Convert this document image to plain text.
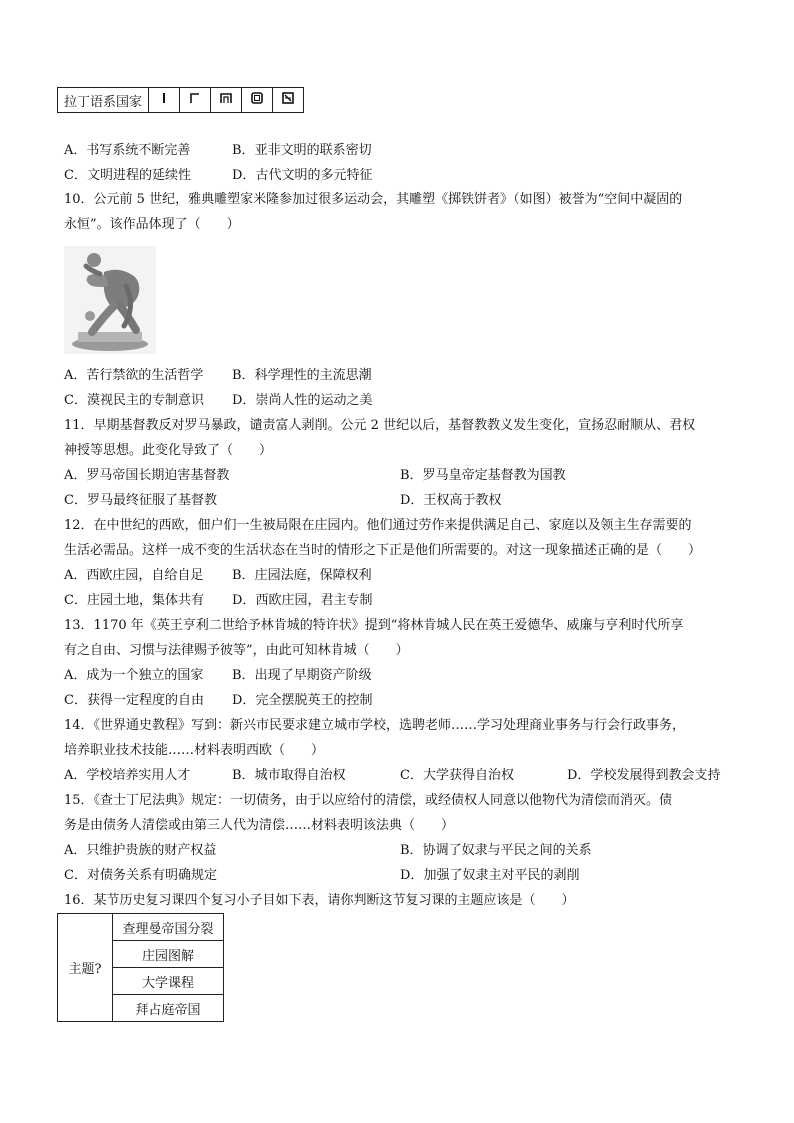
拉丁语系国家					
A．书写系统不断完善	B．亚非文明的联系密切
C．文明进程的延续性	D．古代文明的多元特征
10．公元前 5 世纪，雅典雕塑家米隆参加过很多运动会，其雕塑《掷铁饼者》（如图）被誉为“空间中凝固的
永恒”。该作品体现了（　　）
A．苦行禁欲的生活哲学 B．科学理性的主流思潮
C．漠视民主的专制意识 D．崇尚人性的运动之美
11．早期基督教反对罗马暴政，谴责富人剥削。公元 2 世纪以后，基督教教义发生变化，宣扬忍耐顺从、君权
神授等思想。此变化导致了（　　）
A．罗马帝国长期迫害基督教	B．罗马皇帝定基督教为国教
C．罗马最终征服了基督教	D．王权高于教权
12．在中世纪的西欧，佃户们一生被局限在庄园内。他们通过劳作来提供满足自己、家庭以及领主生存需要的
生活必需品。这样一成不变的生活状态在当时的情形之下正是他们所需要的。对这一现象描述正确的是（　　）
A．西欧庄园，自给自足 B．庄园法庭，保障权利
C．庄园土地，集体共有 D．西欧庄园，君主专制
13．1170 年《英王亨利二世给予林肯城的特许状》提到“将林肯城人民在英王爱德华、威廉与亨利时代所享
有之自由、习惯与法律赐予彼等”，由此可知林肯城（　　）
A．成为一个独立的国家 B．出现了早期资产阶级
C．获得一定程度的自由 D．完全摆脱英王的控制
14．《世界通史教程》写到：新兴市民要求建立城市学校，选聘老师……学习处理商业事务与行会行政事务，
培养职业技术技能……材料表明西欧（　　）
A．学校培养实用人才	B．城市取得自治权	C．大学获得自治权	D．学校发展得到教会支持
15．《查士丁尼法典》规定：一切债务，由于以应给付的清偿，或经债权人同意以他物代为清偿而消灭。债
务是由债务人清偿或由第三人代为清偿……材料表明该法典（　　）
A．只维护贵族的财产权益	B．协调了奴隶与平民之间的关系
C．对债务关系有明确规定	D．加强了奴隶主对平民的剥削
16．某节历史复习课四个复习小子目如下表，请你判断这节复习课的主题应该是（　　）
主题?	查理曼帝国分裂
庄园图解
大学课程
拜占庭帝国
